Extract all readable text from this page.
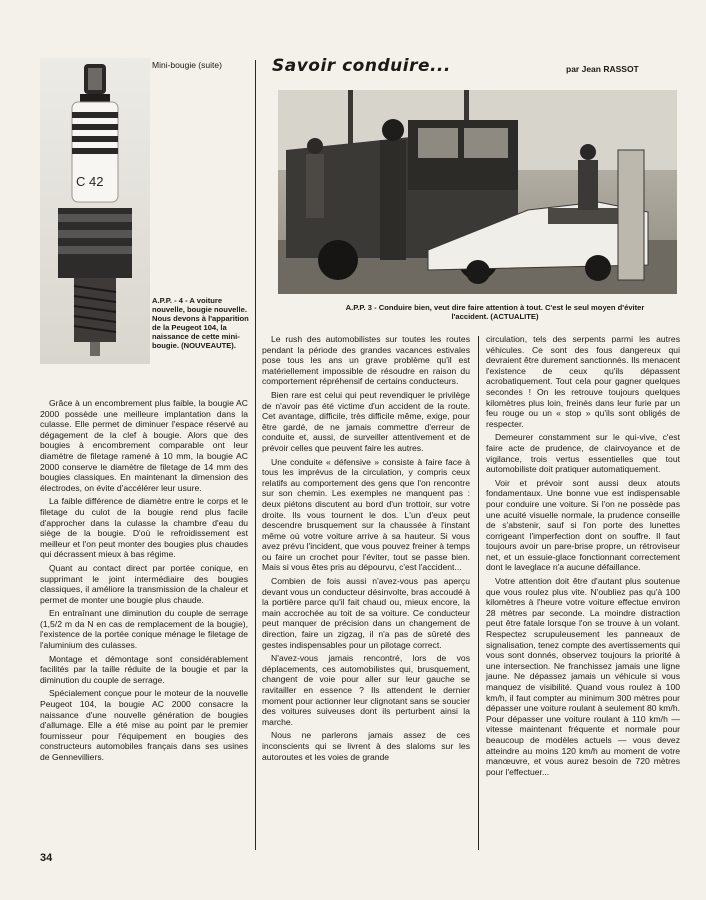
Mini-bougie (suite)	Savoir conduire...	par Jean RASSOT
C 42
A.P.P. - 4 - A voiture nouvelle, bougie nouvelle. Nous devons à l'apparition de la Peugeot 104, la naissance de cette mini-bougie. (NOUVEAUTE).
A.P.P. 3 - Conduire bien, veut dire faire attention à tout. C'est le seul moyen d'éviter l'accident. (ACTUALITE)

Grâce à un encombrement plus faible, la bougie AC 2000 possède une meilleure implantation dans la culasse. Elle permet de diminuer l'espace réservé au dégagement de la clef à bougie. Alors que des bougies à encombrement comparable ont leur diamètre de filetage ramené à 10 mm, la bougie AC 2000 conserve le diamètre de filetage de 14 mm des bougies classiques. En maintenant la dimension des électrodes, on évite d'accélérer leur usure.

La faible différence de diamètre entre le corps et le filetage du culot de la bougie rend plus facile d'approcher dans la culasse la chambre d'eau du siège de la bougie. D'où le refroidissement est meilleur et l'on peut monter des bougies plus chaudes qui décrassent mieux à bas régime.

Quant au contact direct par portée conique, en supprimant le joint intermédiaire des bougies classiques, il améliore la transmission de la chaleur et permet de monter une bougie plus chaude.

En entraînant une diminution du couple de serrage (1,5/2 m da N en cas de remplacement de la bougie), l'existence de la portée conique ménage le filetage de l'aluminium des culasses.

Montage et démontage sont considérablement facilités par la taille réduite de la bougie et par la diminution du couple de serrage.

Spécialement conçue pour le moteur de la nouvelle Peugeot 104, la bougie AC 2000 consacre la naissance d'une nouvelle génération de bougies d'allumage. Elle a été mise au point par le premier fournisseur pour l'équipement en bougies des constructeurs automobiles français dans ses usines de Gennevilliers.

Le rush des automobilistes sur toutes les routes pendant la période des grandes vacances estivales pose tous les ans un grave problème qu'il est matériellement impossible de résoudre en raison du comportement répréhensif de certains conducteurs.

Bien rare est celui qui peut revendiquer le privilège de n'avoir pas été victime d'un accident de la route. Cet avantage, difficile, très difficile même, exige, pour être gardé, de ne jamais commettre d'erreur de conduite et, aussi, de surveiller attentivement et de prévoir celles que peuvent faire les autres.

Une conduite « défensive » consiste à faire face à tous les imprévus de la circulation, y compris ceux relatifs au comportement des gens que l'on rencontre sur son chemin. Les exemples ne manquent pas : deux piétons discutent au bord d'un trottoir, sur votre droite. Ils vous tournent le dos. L'un d'eux peut descendre brusquement sur la chaussée à l'instant même où votre voiture arrive à sa hauteur. Si vous avez prévu l'incident, que vous pouvez freiner à temps ou faire un crochet pour l'éviter, tout se passe bien. Mais si vous êtes pris au dépourvu, c'est l'accident...

Combien de fois aussi n'avez-vous pas aperçu devant vous un conducteur désinvolte, bras accoudé à la portière parce qu'il fait chaud ou, mieux encore, la main accrochée au toit de sa voiture. Ce conducteur peut manquer de précision dans un changement de direction, faire un zigzag, il n'a pas de sûreté des gestes indispensables pour un pilotage correct.

N'avez-vous jamais rencontré, lors de vos déplacements, ces automobilistes qui, brusquement, changent de voie pour aller sur leur gauche se ravitailler en essence ? Ils attendent le dernier moment pour actionner leur clignotant sans se soucier des voitures suiveuses dont ils perturbent ainsi la marche.

Nous ne parlerons jamais assez de ces inconscients qui se livrent à des slaloms sur les autoroutes et les voies de grande

circulation, tels des serpents parmi les autres véhicules. Ce sont des fous dangereux qui devraient être durement sanctionnés. Ils menacent l'existence de ceux qu'ils dépassent acrobatiquement. Tout cela pour gagner quelques secondes ! On les retrouve toujours quelques kilomètres plus loin, freinés dans leur furie par un feu rouge ou un « stop » qu'ils sont obligés de respecter.

Demeurer constamment sur le qui-vive, c'est faire acte de prudence, de clairvoyance et de vigilance, trois vertus essentielles que tout automobiliste doit pratiquer automatiquement.

Voir et prévoir sont aussi deux atouts fondamentaux. Une bonne vue est indispensable pour conduire une voiture. Si l'on ne possède pas une acuité visuelle normale, la prudence conseille de s'abstenir, sauf si l'on porte des lunettes corrigeant l'imperfection dont on souffre. Il faut toujours avoir un pare-brise propre, un rétroviseur net, et un essuie-glace fonctionnant correctement dont le laveglace n'a aucune défaillance.

Votre attention doit être d'autant plus soutenue que vous roulez plus vite. N'oubliez pas qu'à 100 kilomètres à l'heure votre voiture effectue environ 28 mètres par seconde. La moindre distraction peut être fatale lorsque l'on se trouve à un volant. Respectez scrupuleusement les panneaux de signalisation, tenez compte des avertissements qui vous sont donnés, observez toujours la priorité à une intersection. Ne franchissez jamais une ligne jaune. Ne dépassez jamais un véhicule si vous manquez de visibilité. Quand vous roulez à 100 km/h, il faut compter au minimum 300 mètres pour dépasser une voiture roulant à seulement 80 km/h. Pour dépasser une voiture roulant à 110 km/h — vitesse maintenant fréquente et normale pour beaucoup de modèles actuels — vous devez atteindre au moins 120 km/h au moment de votre manœuvre, et vous aurez besoin de 720 mètres pour l'effectuer...

34
